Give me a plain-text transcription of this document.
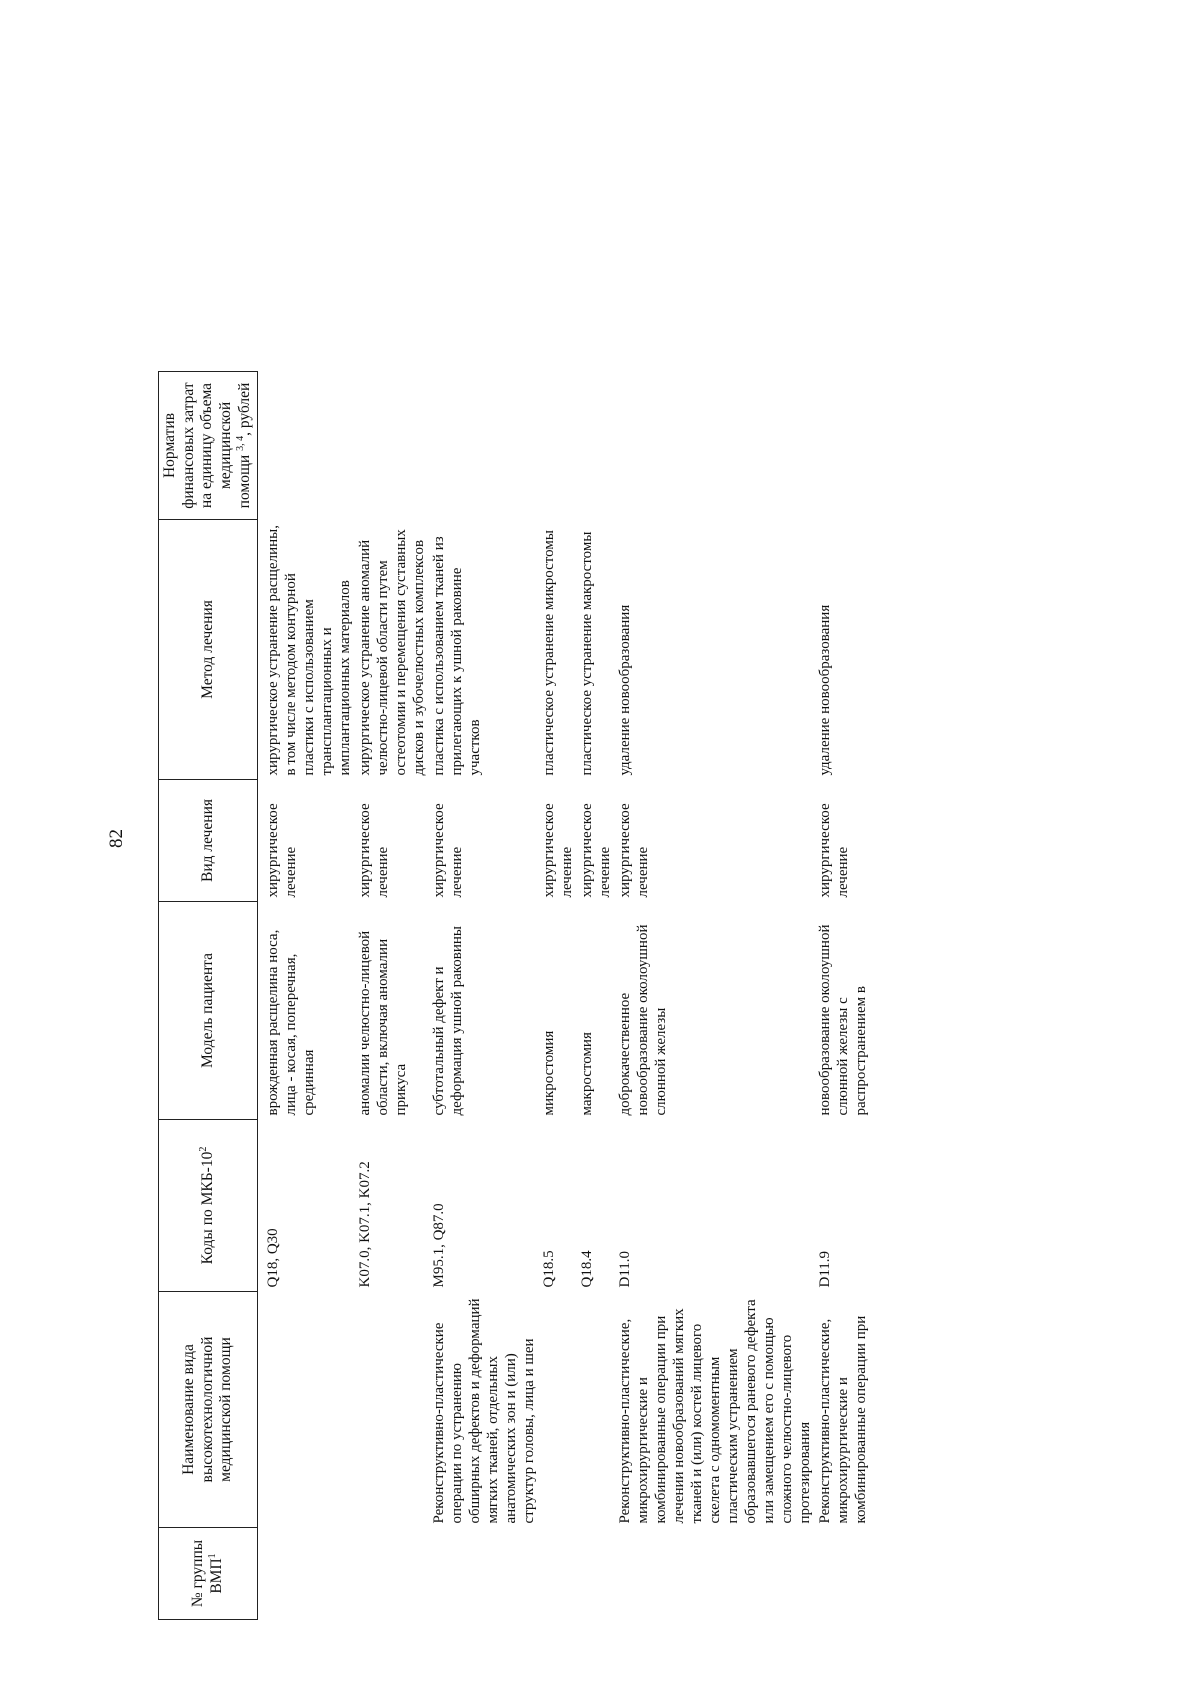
82
№ группы ВМП$^1$	Наименование вида высокотехнологичной медицинской помощи	Коды по МКБ-$10^2$	Модель пациента	Вид лечения	Метод лечения	Норматив финансовых затрат на единицу объема медицинской помощи $^{3, 4}$, рублей
		Q18, Q30	врожденная расщелина носа, лица - косая, поперечная, срединная	хирургическое лечение	хирургическое устранение расщелины, в том числе методом контурной пластики с использованием трансплантационных и имплантационных материалов	
		K07.0, K07.1, K07.2	аномалии челюстно-лицевой области, включая аномалии прикуса	хирургическое лечение	хирургическое устранение аномалий челюстно-лицевой области путем остеотомии и перемещения суставных дисков и зубочелюстных комплексов	
	Реконструктивно-пластические операции по устранению обширных дефектов и деформаций мягких тканей, отдельных анатомических зон и (или) структур головы, лица и шеи	M95.1, Q87.0	субтотальный дефект и деформация ушной раковины	хирургическое лечение	пластика с использованием тканей из прилегающих к ушной раковине участков	
		Q18.5	микростомия	хирургическое лечение	пластическое устранение микростомы	
		Q18.4	макростомия	хирургическое лечение	пластическое устранение макростомы	
	Реконструктивно-пластические, микрохирургические и комбинированные операции при лечении новообразований мягких тканей и (или) костей лицевого скелета с одномоментным пластическим устранением образовавшегося раневого дефекта или замещением его с помощью сложного челюстно-лицевого протезирования	D11.0	доброкачественное новообразование околоушной слюнной железы	хирургическое лечение	удаление новообразования	
	Реконструктивно-пластические, микрохирургические и комбинированные операции при	D11.9	новообразование околоушной слюнной железы с распространением в	хирургическое лечение	удаление новообразования	
